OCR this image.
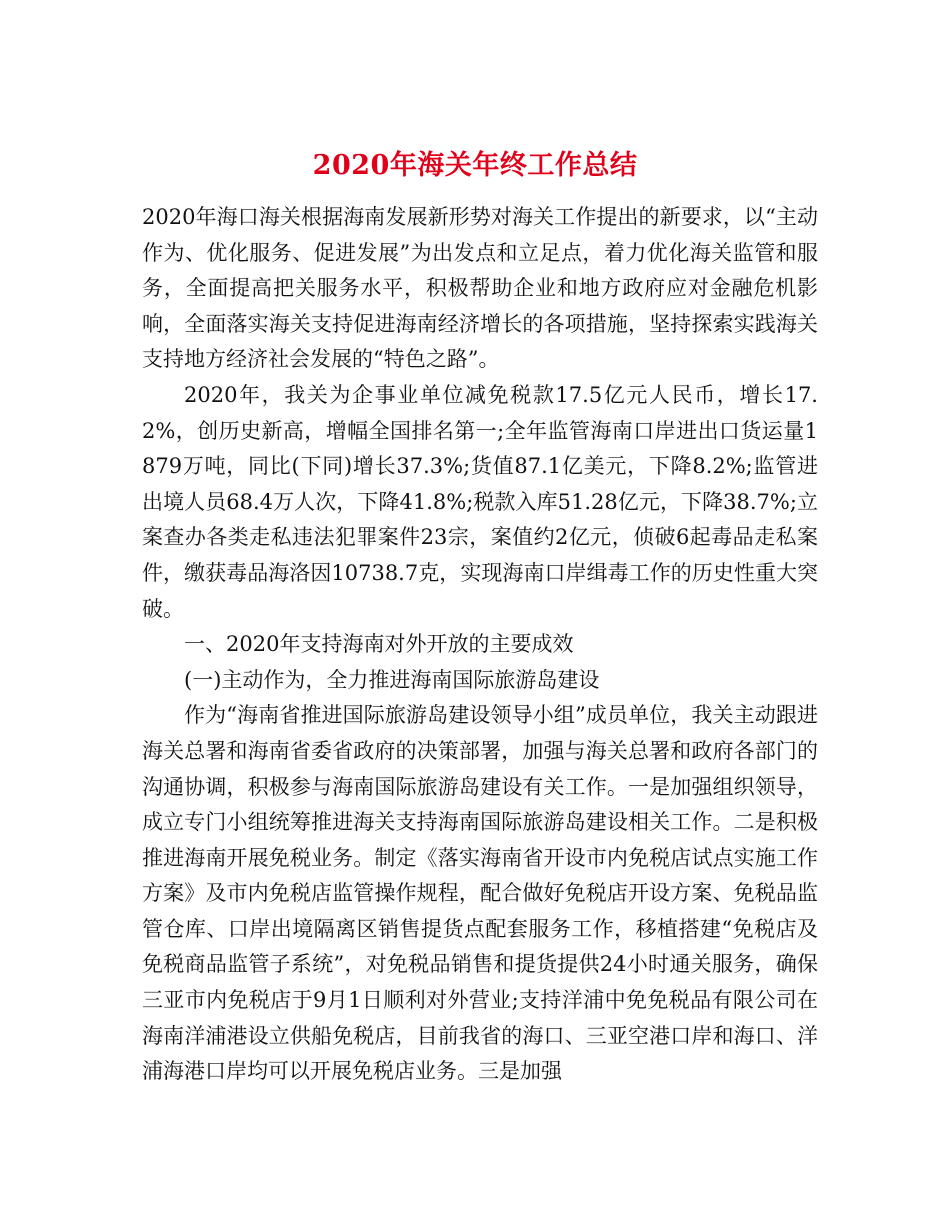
2020年海关年终工作总结

2020年海口海关根据海南发展新形势对海关工作提出的新要求，以“主动作为、优化服务、促进发展”为出发点和立足点，着力优化海关监管和服务，全面提高把关服务水平，积极帮助企业和地方政府应对金融危机影响，全面落实海关支持促进海南经济增长的各项措施，坚持探索实践海关支持地方经济社会发展的“特色之路”。

2020年，我关为企事业单位减免税款17.5亿元人民币，增长17.2%，创历史新高，增幅全国排名第一;全年监管海南口岸进出口货运量1879万吨，同比(下同)增长37.3%;货值87.1亿美元，下降8.2%;监管进出境人员68.4万人次，下降41.8%;税款入库51.28亿元，下降38.7%;立案查办各类走私违法犯罪案件23宗，案值约2亿元，侦破6起毒品走私案件，缴获毒品海洛因10738.7克，实现海南口岸缉毒工作的历史性重大突破。

一、2020年支持海南对外开放的主要成效

(一)主动作为，全力推进海南国际旅游岛建设

作为“海南省推进国际旅游岛建设领导小组”成员单位，我关主动跟进海关总署和海南省委省政府的决策部署，加强与海关总署和政府各部门的沟通协调，积极参与海南国际旅游岛建设有关工作。一是加强组织领导，成立专门小组统筹推进海关支持海南国际旅游岛建设相关工作。二是积极推进海南开展免税业务。制定《落实海南省开设市内免税店试点实施工作方案》及市内免税店监管操作规程，配合做好免税店开设方案、免税品监管仓库、口岸出境隔离区销售提货点配套服务工作，移植搭建“免税店及免税商品监管子系统”，对免税品销售和提货提供24小时通关服务，确保三亚市内免税店于9月1日顺利对外营业;支持洋浦中免免税品有限公司在海南洋浦港设立供船免税店，目前我省的海口、三亚空港口岸和海口、洋浦海港口岸均可以开展免税店业务。三是加强
